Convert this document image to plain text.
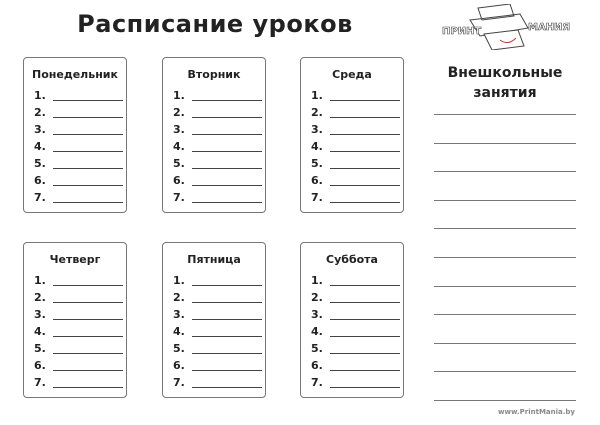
Расписание уроков	ПРИНТ	МАНИЯ
Понедельник
1.
2.
3.
4.
5.
6.
7.
Вторник
1.
2.
3.
4.
5.
6.
7.
Среда
1.
2.
3.
4.
5.
6.
7.
Четверг
1.
2.
3.
4.
5.
6.
7.
Пятница
1.
2.
3.
4.
5.
6.
7.
Суббота
1.
2.
3.
4.
5.
6.
7.
Внешкольные
занятия
www.PrintMania.by
